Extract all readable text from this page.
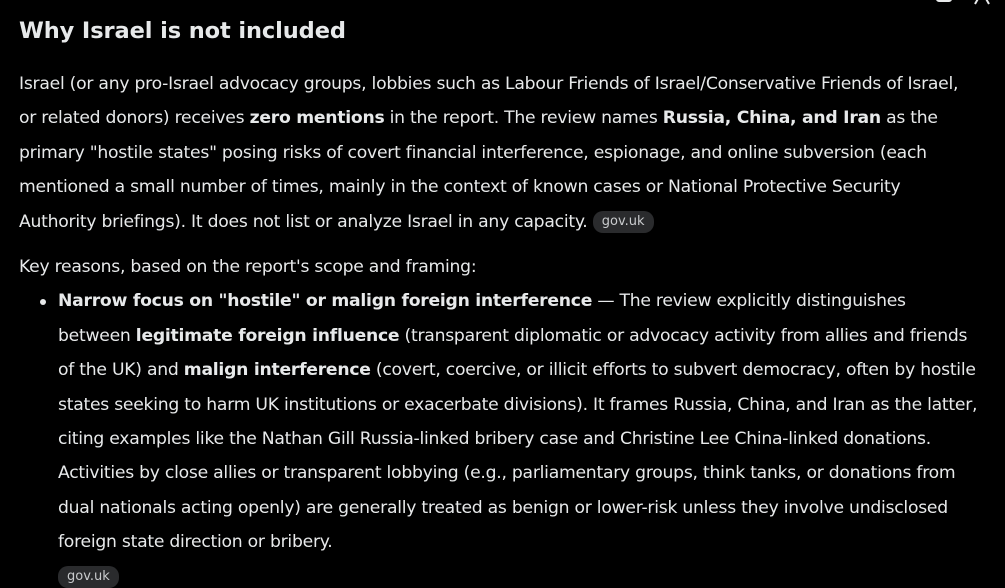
Why Israel is not included

Israel (or any pro-Israel advocacy groups, lobbies such as Labour Friends of Israel/Conservative Friends of Israel, or related donors) receives zero mentions in the report. The review names Russia, China, and Iran as the primary "hostile states" posing risks of covert financial interference, espionage, and online subversion (each mentioned a small number of times, mainly in the context of known cases or National Protective Security Authority briefings). It does not list or analyze Israel in any capacity. gov.uk

Key reasons, based on the report's scope and framing:

Narrow focus on "hostile" or malign foreign interference — The review explicitly distinguishes between legitimate foreign influence (transparent diplomatic or advocacy activity from allies and friends of the UK) and malign interference (covert, coercive, or illicit efforts to subvert democracy, often by hostile states seeking to harm UK institutions or exacerbate divisions). It frames Russia, China, and Iran as the latter, citing examples like the Nathan Gill Russia-linked bribery case and Christine Lee China-linked donations. Activities by close allies or transparent lobbying (e.g., parliamentary groups, think tanks, or donations from dual nationals acting openly) are generally treated as benign or lower-risk unless they involve undisclosed foreign state direction or bribery.
gov.uk
